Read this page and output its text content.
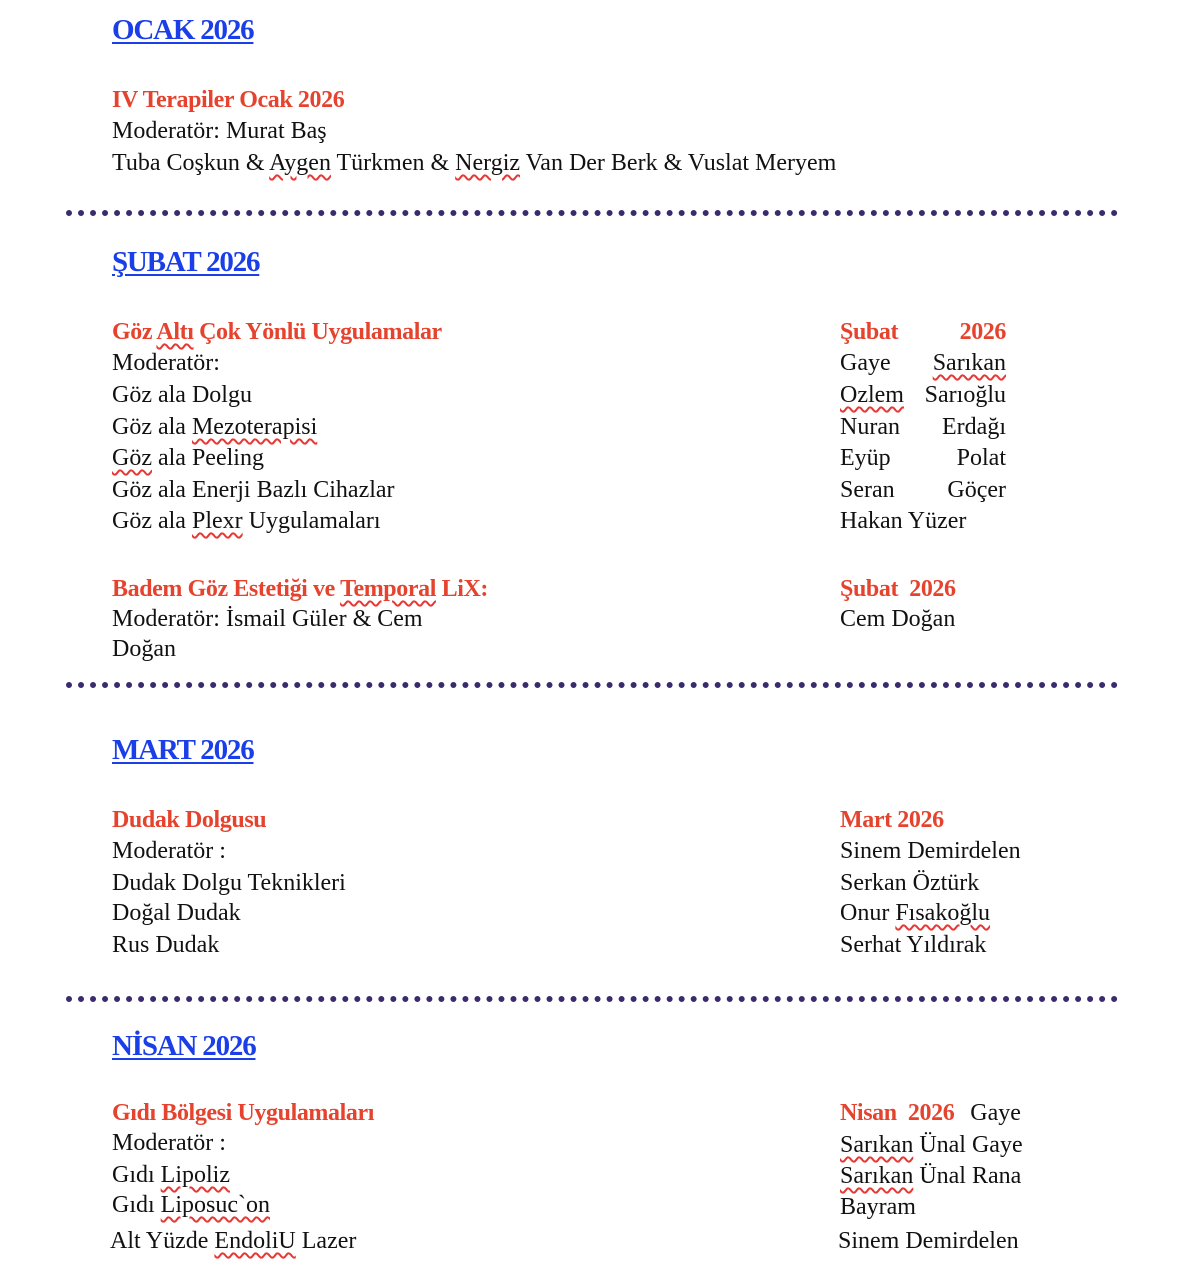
OCAK 2026
IV Terapiler Ocak 2026
Moderatör: Murat Baş
Tuba Coşkun & Aygen Türkmen & Nergiz Van Der Berk & Vuslat Meryem
ŞUBAT 2026
Göz Altı Çok Yönlü Uygulamalar
Moderatör:
Göz ala Dolgu
Göz ala Mezoterapisi
Göz ala Peeling
Göz ala Enerji Bazlı Cihazlar
Göz ala Plexr Uygulamaları
Şubat	2026
Gaye Sarıkan
Ozlem Sarıoğlu
Nuran Erdağı
Eyüp	Polat
Seran Göçer
Hakan Yüzer
Badem Göz Estetiği ve Temporal LiX:
Moderatör: İsmail Güler & Cem
Doğan
Şubat  2026
Cem Doğan
MART 2026
Dudak Dolgusu
Moderatör :
Dudak Dolgu Teknikleri
Doğal Dudak
Rus Dudak
Mart 2026
Sinem Demirdelen
Serkan Öztürk
Onur Fısakoğlu
Serhat Yıldırak
NİSAN 2026
Gıdı Bölgesi Uygulamaları
Moderatör :
Gıdı Lipoliz
Gıdı Liposuc`on
Alt Yüzde EndoliU Lazer
Nisan  2026 Gaye
Sarıkan Ünal Gaye
Sarıkan Ünal Rana
Bayram
Sinem Demirdelen
